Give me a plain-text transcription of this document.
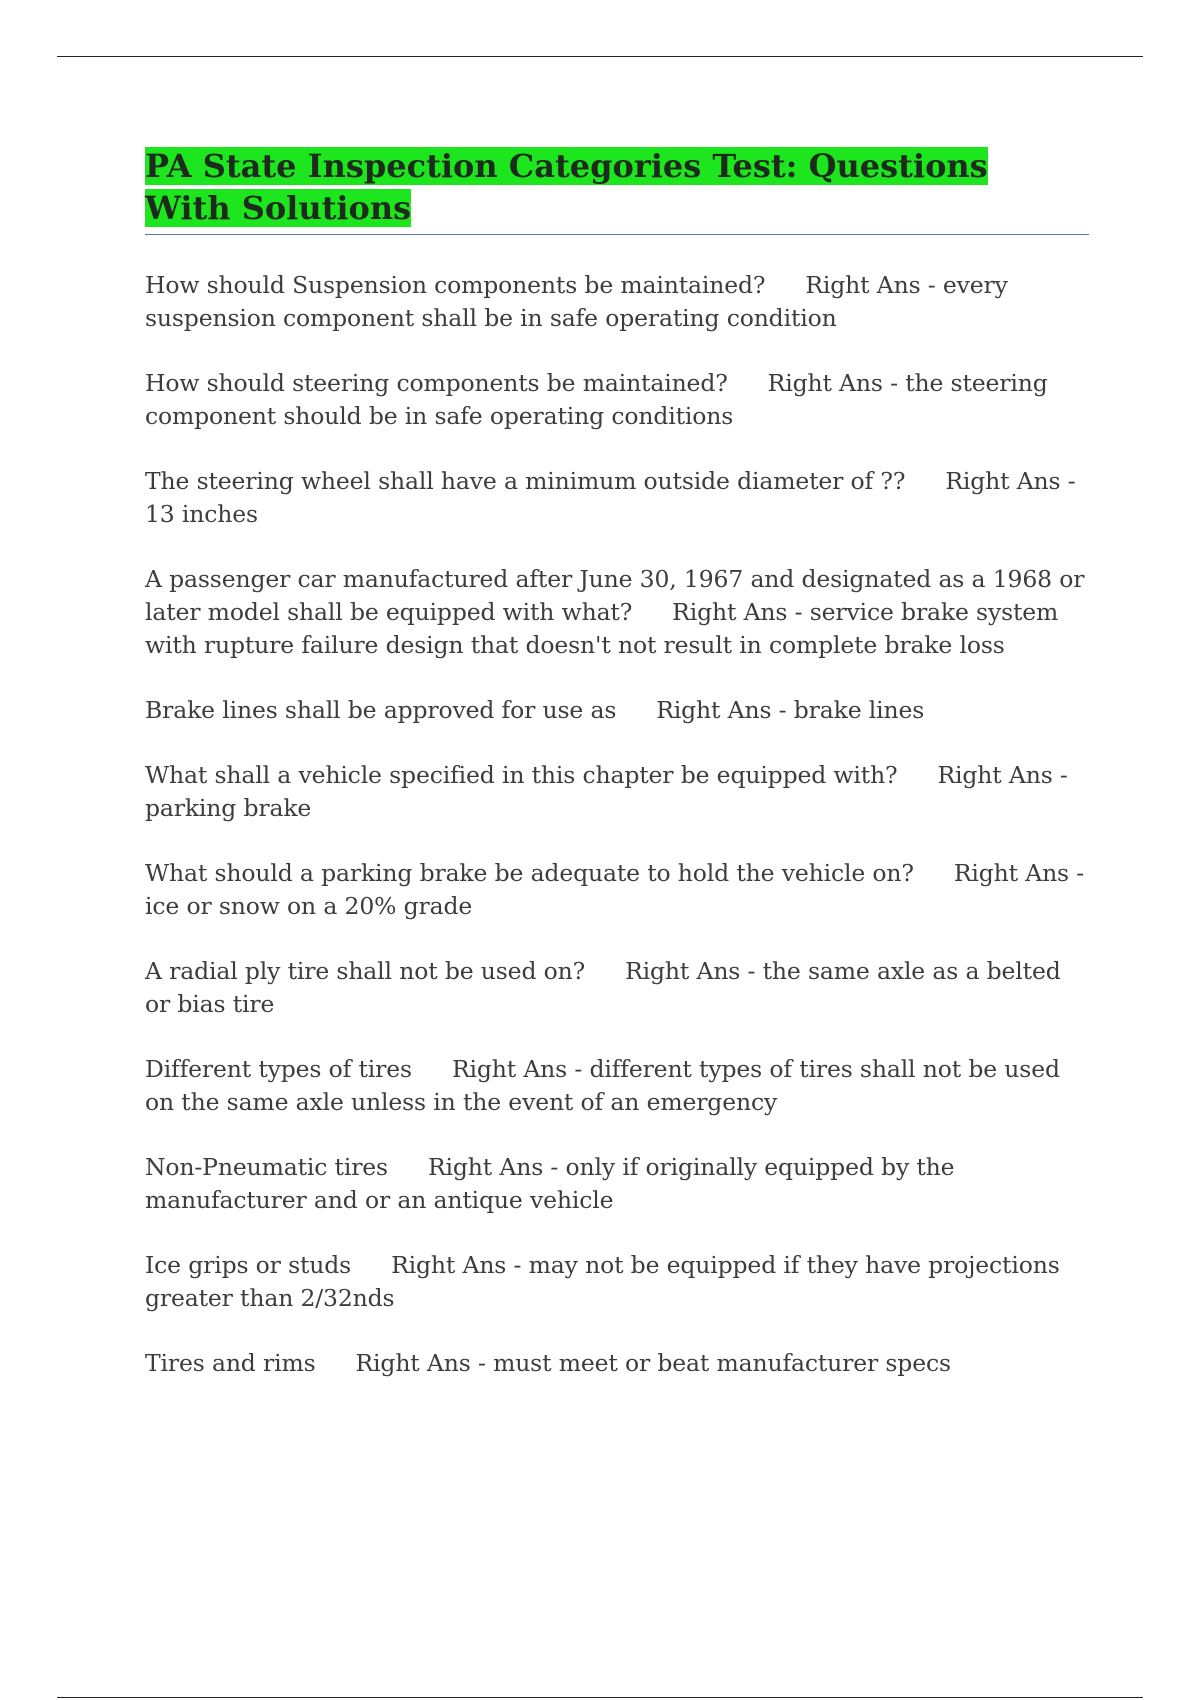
PA State Inspection Categories Test: Questions With Solutions

How should Suspension components be maintained? Right Ans - every suspension component shall be in safe operating condition

How should steering components be maintained? Right Ans - the steering component should be in safe operating conditions

The steering wheel shall have a minimum outside diameter of ?? Right Ans - 13 inches

A passenger car manufactured after June 30, 1967 and designated as a 1968 or later model shall be equipped with what? Right Ans - service brake system with rupture failure design that doesn't not result in complete brake loss

Brake lines shall be approved for use as Right Ans - brake lines

What shall a vehicle specified in this chapter be equipped with? Right Ans - parking brake

What should a parking brake be adequate to hold the vehicle on? Right Ans - ice or snow on a 20% grade

A radial ply tire shall not be used on? Right Ans - the same axle as a belted or bias tire

Different types of tires Right Ans - different types of tires shall not be used on the same axle unless in the event of an emergency

Non-Pneumatic tires Right Ans - only if originally equipped by the manufacturer and or an antique vehicle

Ice grips or studs Right Ans - may not be equipped if they have projections greater than 2/32nds

Tires and rims Right Ans - must meet or beat manufacturer specs
